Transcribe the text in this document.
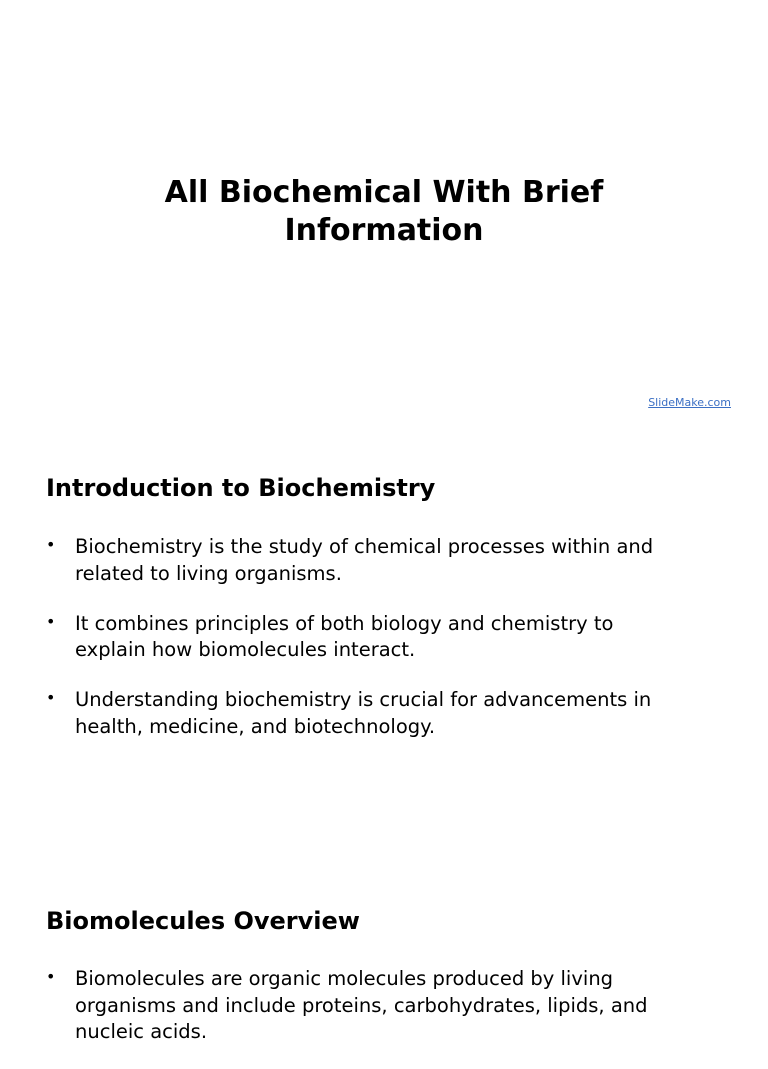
All Biochemical With Brief
Information
SlideMake.com
Introduction to Biochemistry
• Biochemistry is the study of chemical processes within and
related to living organisms.
• It combines principles of both biology and chemistry to
explain how biomolecules interact.
• Understanding biochemistry is crucial for advancements in
health, medicine, and biotechnology.
Biomolecules Overview
• Biomolecules are organic molecules produced by living
organisms and include proteins, carbohydrates, lipids, and
nucleic acids.
